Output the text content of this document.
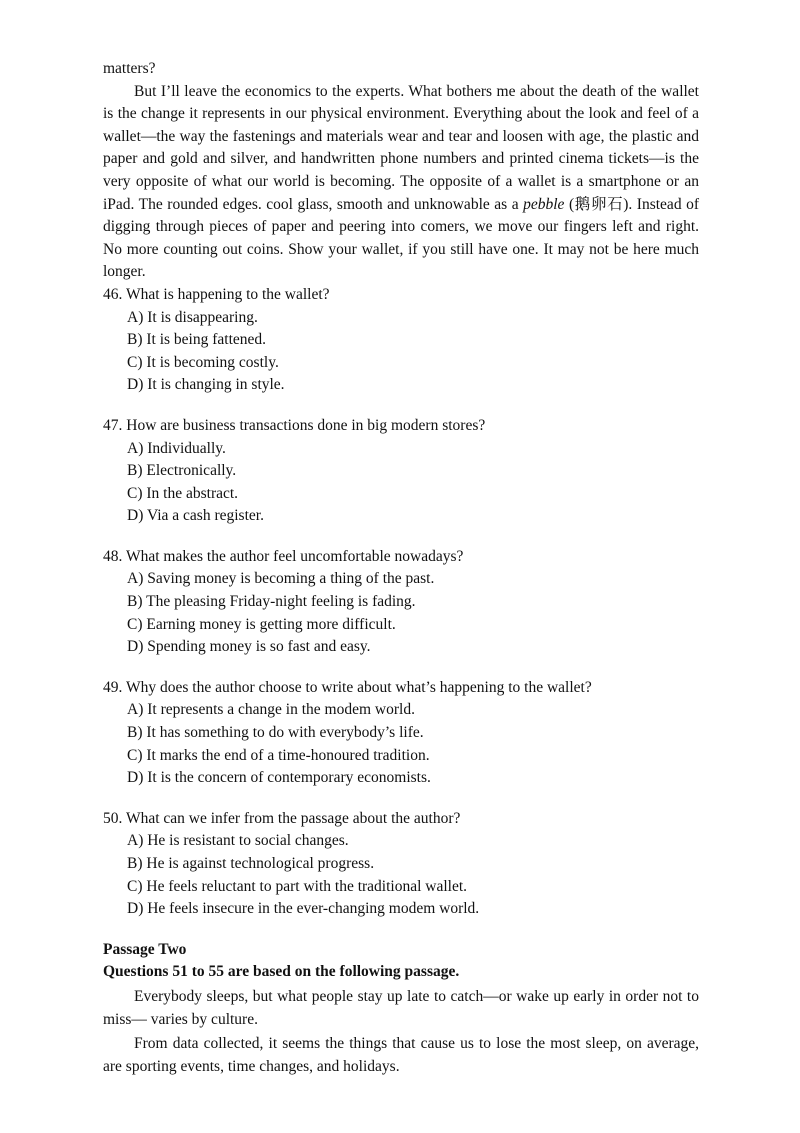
matters?

But I’ll leave the economics to the experts. What bothers me about the death of the wallet is the change it represents in our physical environment. Everything about the look and feel of a wallet—the way the fastenings and materials wear and tear and loosen with age, the plastic and paper and gold and silver, and handwritten phone numbers and printed cinema tickets—is the very opposite of what our world is becoming. The opposite of a wallet is a smartphone or an iPad. The rounded edges. cool glass, smooth and unknowable as a pebble (鹅卵石). Instead of digging through pieces of paper and peering into comers, we move our fingers left and right. No more counting out coins. Show your wallet, if you still have one. It may not be here much longer.

46. What is happening to the wallet?

A) It is disappearing.

B) It is being fattened.

C) It is becoming costly.

D) It is changing in style.

47. How are business transactions done in big modern stores?

A) Individually.

B) Electronically.

C) In the abstract.

D) Via a cash register.

48. What makes the author feel uncomfortable nowadays?

A) Saving money is becoming a thing of the past.

B) The pleasing Friday-night feeling is fading.

C) Earning money is getting more difficult.

D) Spending money is so fast and easy.

49. Why does the author choose to write about what’s happening to the wallet?

A) It represents a change in the modem world.

B) It has something to do with everybody’s life.

C) It marks the end of a time-honoured tradition.

D) It is the concern of contemporary economists.

50. What can we infer from the passage about the author?

A) He is resistant to social changes.

B) He is against technological progress.

C) He feels reluctant to part with the traditional wallet.

D) He feels insecure in the ever-changing modem world.

Passage Two

Questions 51 to 55 are based on the following passage.

Everybody sleeps, but what people stay up late to catch—or wake up early in order not to miss— varies by culture.

From data collected, it seems the things that cause us to lose the most sleep, on average, are sporting events, time changes, and holidays.
